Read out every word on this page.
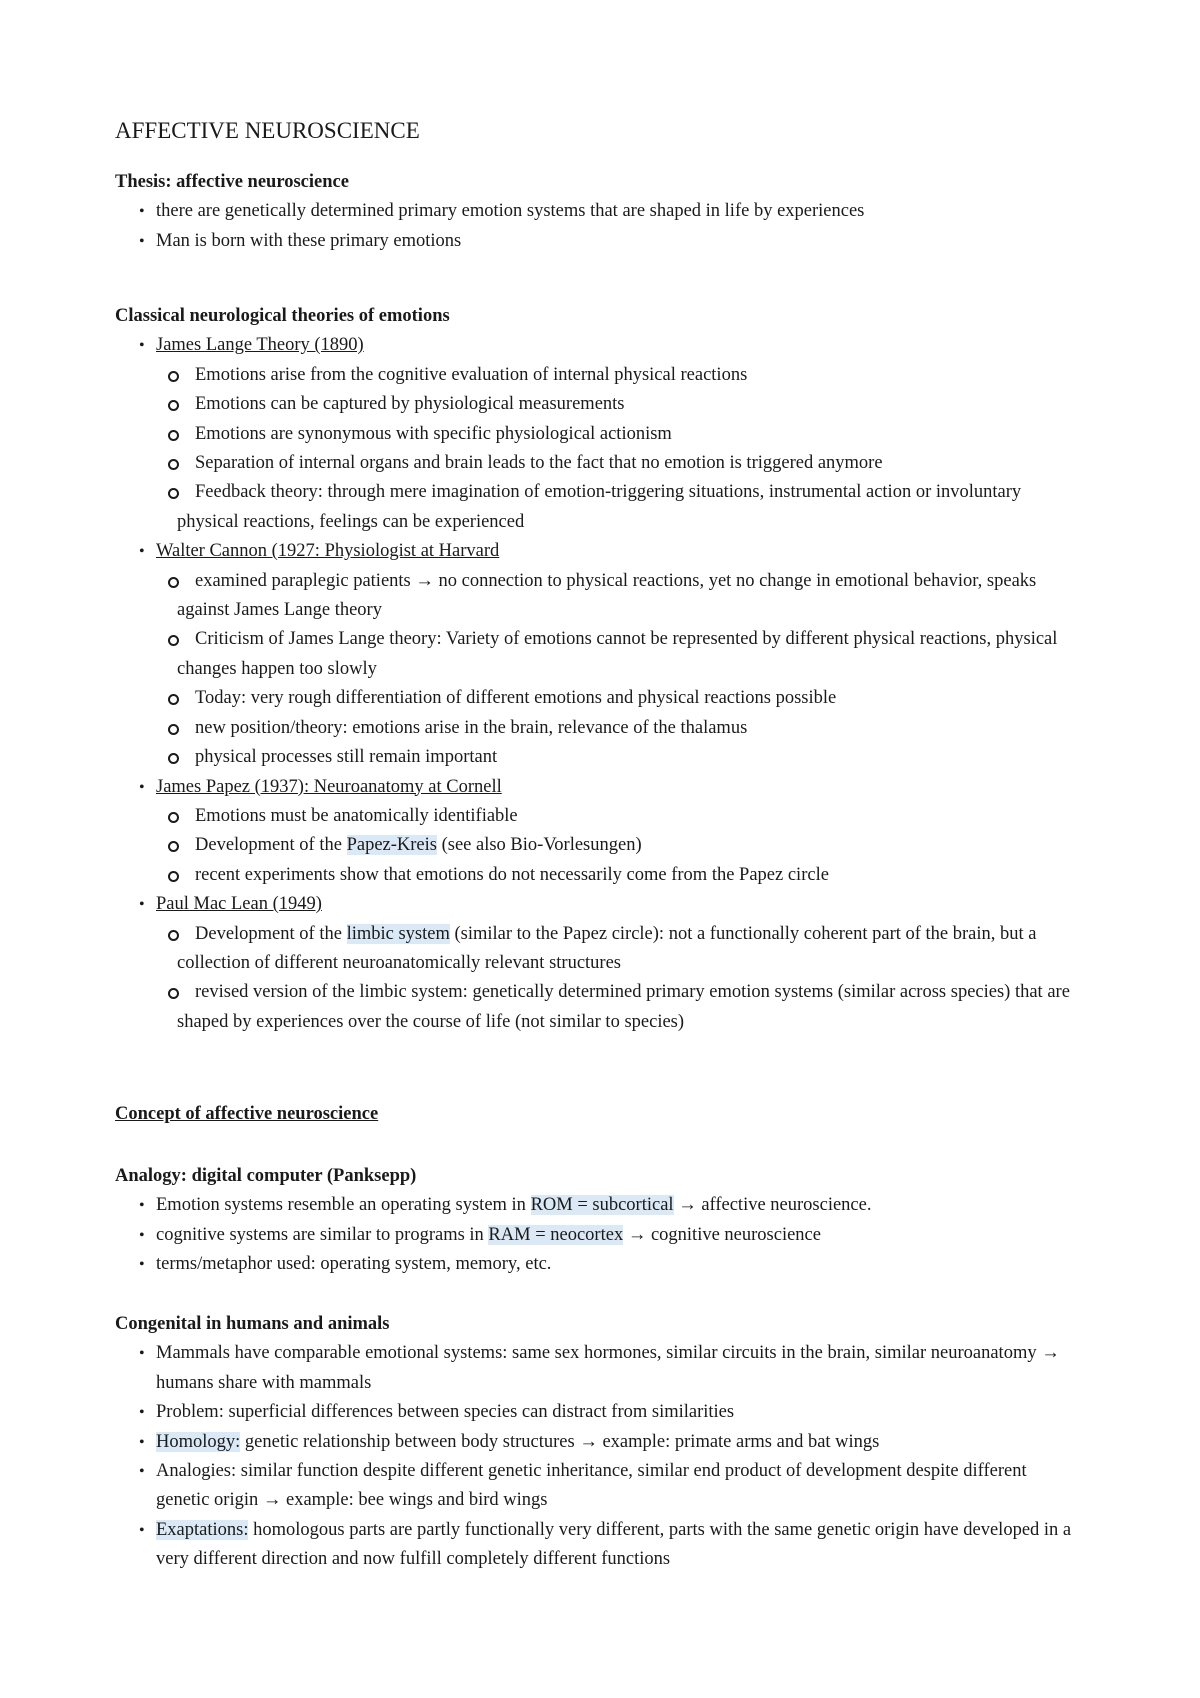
AFFECTIVE NEUROSCIENCE

Thesis: affective neuroscience

• there are genetically determined primary emotion systems that are shaped in life by experiences
• Man is born with these primary emotions

Classical neurological theories of emotions

• James Lange Theory (1890)
Emotions arise from the cognitive evaluation of internal physical reactions
Emotions can be captured by physiological measurements
Emotions are synonymous with specific physiological actionism
Separation of internal organs and brain leads to the fact that no emotion is triggered anymore
Feedback theory: through mere imagination of emotion-triggering situations, instrumental action or involuntary physical reactions, feelings can be experienced
• Walter Cannon (1927: Physiologist at Harvard
examined paraplegic patients → no connection to physical reactions, yet no change in emotional behavior, speaks against James Lange theory
Criticism of James Lange theory: Variety of emotions cannot be represented by different physical reactions, physical changes happen too slowly
Today: very rough differentiation of different emotions and physical reactions possible
new position/theory: emotions arise in the brain, relevance of the thalamus
physical processes still remain important
• James Papez (1937): Neuroanatomy at Cornell
Emotions must be anatomically identifiable
Development of the Papez-Kreis (see also Bio-Vorlesungen)
recent experiments show that emotions do not necessarily come from the Papez circle
• Paul Mac Lean (1949)
Development of the limbic system (similar to the Papez circle): not a functionally coherent part of the brain, but a collection of different neuroanatomically relevant structures
revised version of the limbic system: genetically determined primary emotion systems (similar across species) that are shaped by experiences over the course of life (not similar to species)

Concept of affective neuroscience

Analogy: digital computer (Panksepp)

• Emotion systems resemble an operating system in ROM = subcortical → affective neuroscience.
• cognitive systems are similar to programs in RAM = neocortex → cognitive neuroscience
• terms/metaphor used: operating system, memory, etc.

Congenital in humans and animals

• Mammals have comparable emotional systems: same sex hormones, similar circuits in the brain, similar neuroanatomy → humans share with mammals
• Problem: superficial differences between species can distract from similarities
• Homology: genetic relationship between body structures → example: primate arms and bat wings
• Analogies: similar function despite different genetic inheritance, similar end product of development despite different genetic origin → example: bee wings and bird wings
• Exaptations: homologous parts are partly functionally very different, parts with the same genetic origin have developed in a very different direction and now fulfill completely different functions
